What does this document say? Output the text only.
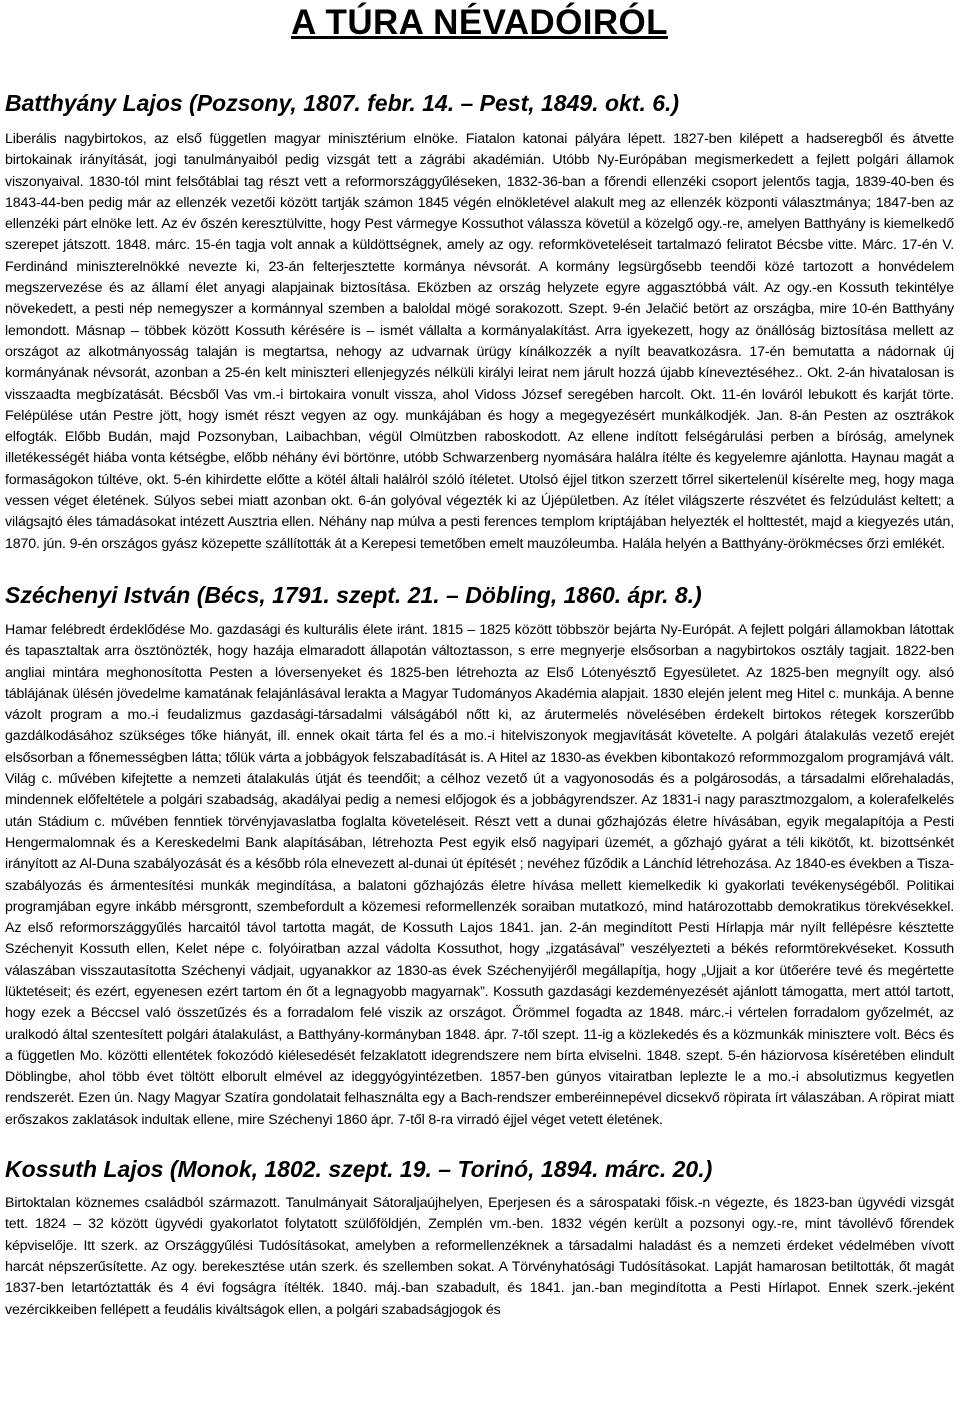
A TÚRA NÉVADÓIRÓL
Batthyány Lajos (Pozsony, 1807. febr. 14. – Pest, 1849. okt. 6.)

Liberális nagybirtokos, az első független magyar minisztérium elnöke. Fiatalon katonai pályára lépett. 1827-ben kilépett a hadseregből és átvette birtokainak irányítását, jogi tanulmányaiból pedig vizsgát tett a zágrábi akadémián. Utóbb Ny-Európában megismerkedett a fejlett polgári államok viszonyaival. 1830-tól mint felsőtáblai tag részt vett a reformországgyűléseken, 1832-36-ban a főrendi ellenzéki csoport jelentős tagja, 1839-40-ben és 1843-44-ben pedig már az ellenzék vezetői között tartják számon 1845 végén elnökletével alakult meg az ellenzék központi választmánya; 1847-ben az ellenzéki párt elnöke lett. Az év őszén keresztülvitte, hogy Pest vármegye Kossuthot válassza követül a közelgő ogy.-re, amelyen Batthyány is kiemelkedő szerepet játszott. 1848. márc. 15-én tagja volt annak a küldöttségnek, amely az ogy. reformköveteléseit tartalmazó feliratot Bécsbe vitte. Márc. 17-én V. Ferdinánd miniszterelnökké nevezte ki, 23-án felterjesztette kormánya névsorát. A kormány legsürgősebb teendői közé tartozott a honvédelem megszervezése és az államí élet anyagi alapjainak biztosítása. Eközben az ország helyzete egyre aggasztóbbá vált. Az ogy.-en Kossuth tekintélye növekedett, a pesti nép nemegyszer a kormánnyal szemben a baloldal mögé sorakozott. Szept. 9-én Jelačić betört az országba, mire 10-én Batthyány lemondott. Másnap – többek között Kossuth kérésére is – ismét vállalta a kormányalakítást. Arra igyekezett, hogy az önállóság biztosítása mellett az országot az alkotmányosság talaján is megtartsa, nehogy az udvarnak ürügy kínálkozzék a nyílt beavatkozásra. 17-én bemutatta a nádornak új kormányának névsorát, azonban a 25-én kelt miniszteri ellenjegyzés nélküli királyi leirat nem járult hozzá újabb kíneveztéséhez.. Okt. 2-án hivatalosan is visszaadta megbízatását. Bécsből Vas vm.-i birtokaira vonult vissza, ahol Vidoss József seregében harcolt. Okt. 11-én lováról lebukott és karját törte. Felépülése után Pestre jött, hogy ismét részt vegyen az ogy. munkájában és hogy a megegyezésért munkálkodjék. Jan. 8-án Pesten az osztrákok elfogták. Előbb Budán, majd Pozsonyban, Laibachban, végül Olmützben raboskodott. Az ellene indított felségárulási perben a bíróság, amelynek illetékességét hiába vonta kétségbe, előbb néhány évi börtönre, utóbb Schwarzenberg nyomására halálra ítélte és kegyelemre ajánlotta. Haynau magát a formaságokon túltéve, okt. 5-én kihirdette előtte a kötél általi halálról szóló ítéletet. Utolsó éjjel titkon szerzett tőrrel sikertelenül kísérelte meg, hogy maga vessen véget életének. Súlyos sebei miatt azonban okt. 6-án golyóval végezték ki az Újépületben. Az ítélet világszerte részvétet és felzúdulást keltett; a világsajtó éles támadásokat intézett Ausztria ellen. Néhány nap múlva a pesti ferences templom kriptájában helyezték el holttestét, majd a kiegyezés után, 1870. jún. 9-én országos gyász közepette szállították át a Kerepesi temetőben emelt mauzóleumba. Halála helyén a Batthyány-örökmécses őrzi emlékét.

Széchenyi István (Bécs, 1791. szept. 21. – Döbling, 1860. ápr. 8.)

Hamar felébredt érdeklődése Mo. gazdasági és kulturális élete iránt. 1815 – 1825 között többször bejárta Ny-Európát. A fejlett polgári államokban látottak és tapasztaltak arra ösztönözték, hogy hazája elmaradott állapotán változtasson, s erre megnyerje elsősorban a nagybirtokos osztály tagjait. 1822-ben angliai mintára meghonosította Pesten a lóversenyeket és 1825-ben létrehozta az Első Lótenyésztő Egyesületet. Az 1825-ben megnyílt ogy. alsó táblájának ülésén jövedelme kamatának felajánlásával lerakta a Magyar Tudományos Akadémia alapjait. 1830 elején jelent meg Hitel c. munkája. A benne vázolt program a mo.-i feudalizmus gazdasági-társadalmi válságából nőtt ki, az árutermelés növelésében érdekelt birtokos rétegek korszerűbb gazdálkodásához szükséges tőke hiányát, ill. ennek okait tárta fel és a mo.-i hitelviszonyok megjavítását követelte. A polgári átalakulás vezető erejét elsősorban a főnemességben látta; tőlük várta a jobbágyok felszabadítását is. A Hitel az 1830-as években kibontakozó reformmozgalom programjává vált. Világ c. művében kifejtette a nemzeti átalakulás útját és teendőit; a célhoz vezető út a vagyonosodás és a polgárosodás, a társadalmi előrehaladás, mindennek előfeltétele a polgári szabadság, akadályai pedig a nemesi előjogok és a jobbágyrendszer. Az 1831-i nagy parasztmozgalom, a kolerafelkelés után Stádium c. művében fenntiek törvényjavaslatba foglalta követeléseit. Részt vett a dunai gőzhajózás életre hívásában, egyik megalapítója a Pesti Hengermalomnak és a Kereskedelmi Bank alapításában, létrehozta Pest egyik első nagyipari üzemét, a gőzhajó gyárat a téli kikötőt, kt. bizottsénkét irányított az Al-Duna szabályozását és a később róla elnevezett al-dunai út építését ; nevéhez fűződik a Lánchíd létrehozása. Az 1840-es években a Tisza-szabályozás és ármentesítési munkák megindítása, a balatoni gőzhajózás életre hívása mellett kiemelkedik ki gyakorlati tevékenységéből. Politikai programjában egyre inkább mérsgrontt, szembefordult a közemesi reformellenzék soraiban mutatkozó, mind határozottabb demokratikus törekvésekkel. Az első reformországgyűlés harcaitól távol tartotta magát, de Kossuth Lajos 1841. jan. 2-án megindított Pesti Hírlapja már nyílt fellépésre késztette Széchenyit Kossuth ellen, Kelet népe c. folyóiratban azzal vádolta Kossuthot, hogy „izgatásával” veszélyezteti a békés reformtörekvéseket. Kossuth válaszában visszautasította Széchenyi vádjait, ugyanakkor az 1830-as évek Széchenyijéről megállapítja, hogy „Ujjait a kor ütőerére tevé és megértette lüktetéseit; és ezért, egyenesen ezért tartom én őt a legnagyobb magyarnak”. Kossuth gazdasági kezdeményezését ajánlott támogatta, mert attól tartott, hogy ezek a Béccsel való összetűzés és a forradalom felé viszik az országot. Őrömmel fogadta az 1848. márc.-i vértelen forradalom győzelmét, az uralkodó által szentesített polgári átalakulást, a Batthyány-kormányban 1848. ápr. 7-től szept. 11-ig a közlekedés és a közmunkák minisztere volt. Bécs és a független Mo. közötti ellentétek fokozódó kiélesedését felzaklatott idegrendszere nem bírta elviselni. 1848. szept. 5-én háziorvosa kíséretében elindult Döblingbe, ahol több évet töltött elborult elmével az ideggyógyintézetben. 1857-ben gúnyos vitairatban leplezte le a mo.-i absolutizmus kegyetlen rendszerét. Ezen ún. Nagy Magyar Szatíra gondolatait felhasználta egy a Bach-rendszer emberéinnepével dicsekvő röpirata írt válaszában. A röpirat miatt erőszakos zaklatások indultak ellene, mire Széchenyi 1860 ápr. 7-től 8-ra virradó éjjel véget vetett életének.

Kossuth Lajos (Monok, 1802. szept. 19. – Torinó, 1894. márc. 20.)

Birtoktalan köznemes családból származott. Tanulmányait Sátoraljaújhelyen, Eperjesen és a sárospataki főisk.-n végezte, és 1823-ban ügyvédi vizsgát tett. 1824 – 32 között ügyvédi gyakorlatot folytatott szülőföldjén, Zemplén vm.-ben. 1832 végén került a pozsonyi ogy.-re, mint távollévő főrendek képviselője. Itt szerk. az Országgyűlési Tudósításokat, amelyben a reformellenzéknek a társadalmi haladást és a nemzeti érdeket védelmében vívott harcát népszerűsítette. Az ogy. berekesztése után szerk. és szellemben sokat. A Törvényhatósági Tudósításokat. Lapját hamarosan betiltották, őt magát 1837-ben letartóztatták és 4 évi fogságra ítélték. 1840. máj.-ban szabadult, és 1841. jan.-ban megindította a Pesti Hírlapot. Ennek szerk.-jeként vezércikkeiben fellépett a feudális kiváltságok ellen, a polgári szabadságjogok és
